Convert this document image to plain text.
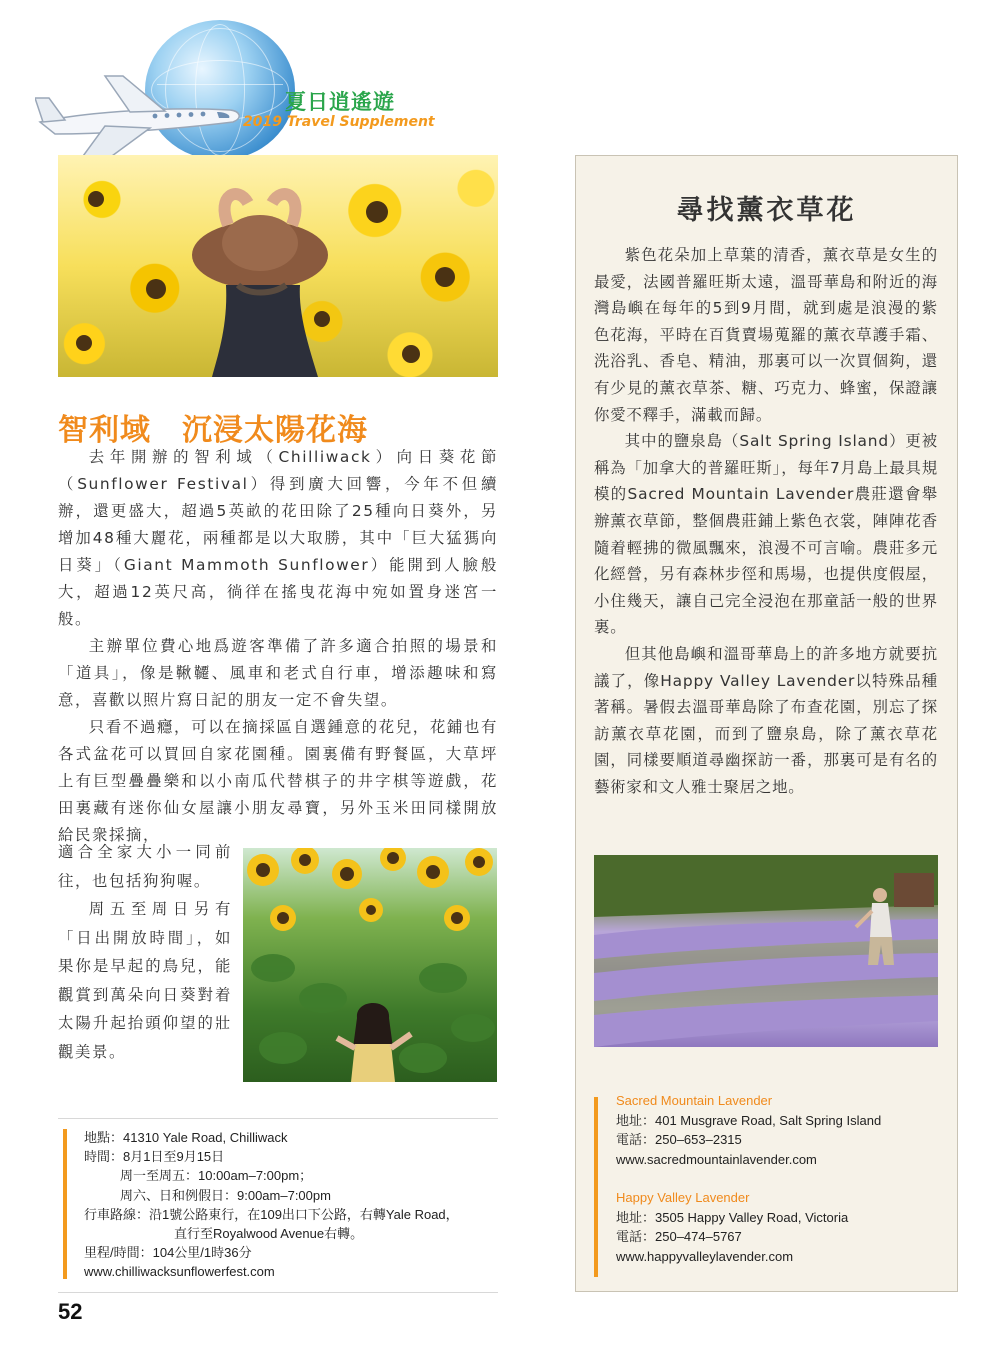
夏日逍遙遊
2019 Travel Supplement
智利域　沉浸太陽花海

去年開辦的智利域（Chilliwack）向日葵花節（Sunflower Festival）得到廣大回響，今年不但續辦，還更盛大，超過5英畝的花田除了25種向日葵外，另增加48種大麗花，兩種都是以大取勝，其中「巨大猛獁向日葵」（Giant Mammoth Sunflower）能開到人臉般大，超過12英尺高，徜徉在搖曳花海中宛如置身迷宮一般。

主辦單位費心地爲遊客準備了許多適合拍照的場景和「道具」，像是鞦韆、風車和老式自行車，增添趣味和寫意，喜歡以照片寫日記的朋友一定不會失望。

只看不過癮，可以在摘採區自選鍾意的花兒，花鋪也有各式盆花可以買回自家花園種。園裏備有野餐區，大草坪上有巨型疊疊樂和以小南瓜代替棋子的井字棋等遊戲，花田裏藏有迷你仙女屋讓小朋友尋寶，另外玉米田同樣開放給民衆採摘，

適合全家大小一同前往，也包括狗狗喔。

周五至周日另有「日出開放時間」，如果你是早起的鳥兒，能觀賞到萬朵向日葵對着太陽升起抬頭仰望的壯觀美景。

地點：41310 Yale Road, Chilliwack
時間：8月1日至9月15日
周一至周五：10:00am–7:00pm；
周六、日和例假日：9:00am–7:00pm
行車路線：沿1號公路東行，在109出口下公路，右轉Yale Road，
直行至Royalwood Avenue右轉。
里程/時間：104公里/1時36分
www.chilliwacksunflowerfest.com
52
尋找薰衣草花

紫色花朵加上草葉的清香，薰衣草是女生的最愛，法國普羅旺斯太遠，溫哥華島和附近的海灣島嶼在每年的5到9月間，就到處是浪漫的紫色花海，平時在百貨賣場蒐羅的薰衣草護手霜、洗浴乳、香皂、精油，那裏可以一次買個夠，還有少見的薰衣草茶、糖、巧克力、蜂蜜，保證讓你愛不釋手，滿載而歸。

其中的鹽泉島（Salt Spring Island）更被稱為「加拿大的普羅旺斯」，每年7月島上最具規模的Sacred Mountain Lavender農莊還會舉辦薰衣草節，整個農莊鋪上紫色衣裳，陣陣花香隨着輕拂的微風飄來，浪漫不可言喻。農莊多元化經營，另有森林步徑和馬場，也提供度假屋，小住幾天，讓自己完全浸泡在那童話一般的世界裏。

但其他島嶼和溫哥華島上的許多地方就要抗議了，像Happy Valley Lavender以特殊品種著稱。暑假去溫哥華島除了布查花園，別忘了探訪薰衣草花園，而到了鹽泉島，除了薰衣草花園，同樣要順道尋幽探訪一番，那裏可是有名的藝術家和文人雅士聚居之地。

Sacred Mountain Lavender
地址：401 Musgrave Road, Salt Spring Island
電話：250–653–2315
www.sacredmountainlavender.com
Happy Valley Lavender
地址：3505 Happy Valley Road, Victoria
電話：250–474–5767
www.happyvalleylavender.com
